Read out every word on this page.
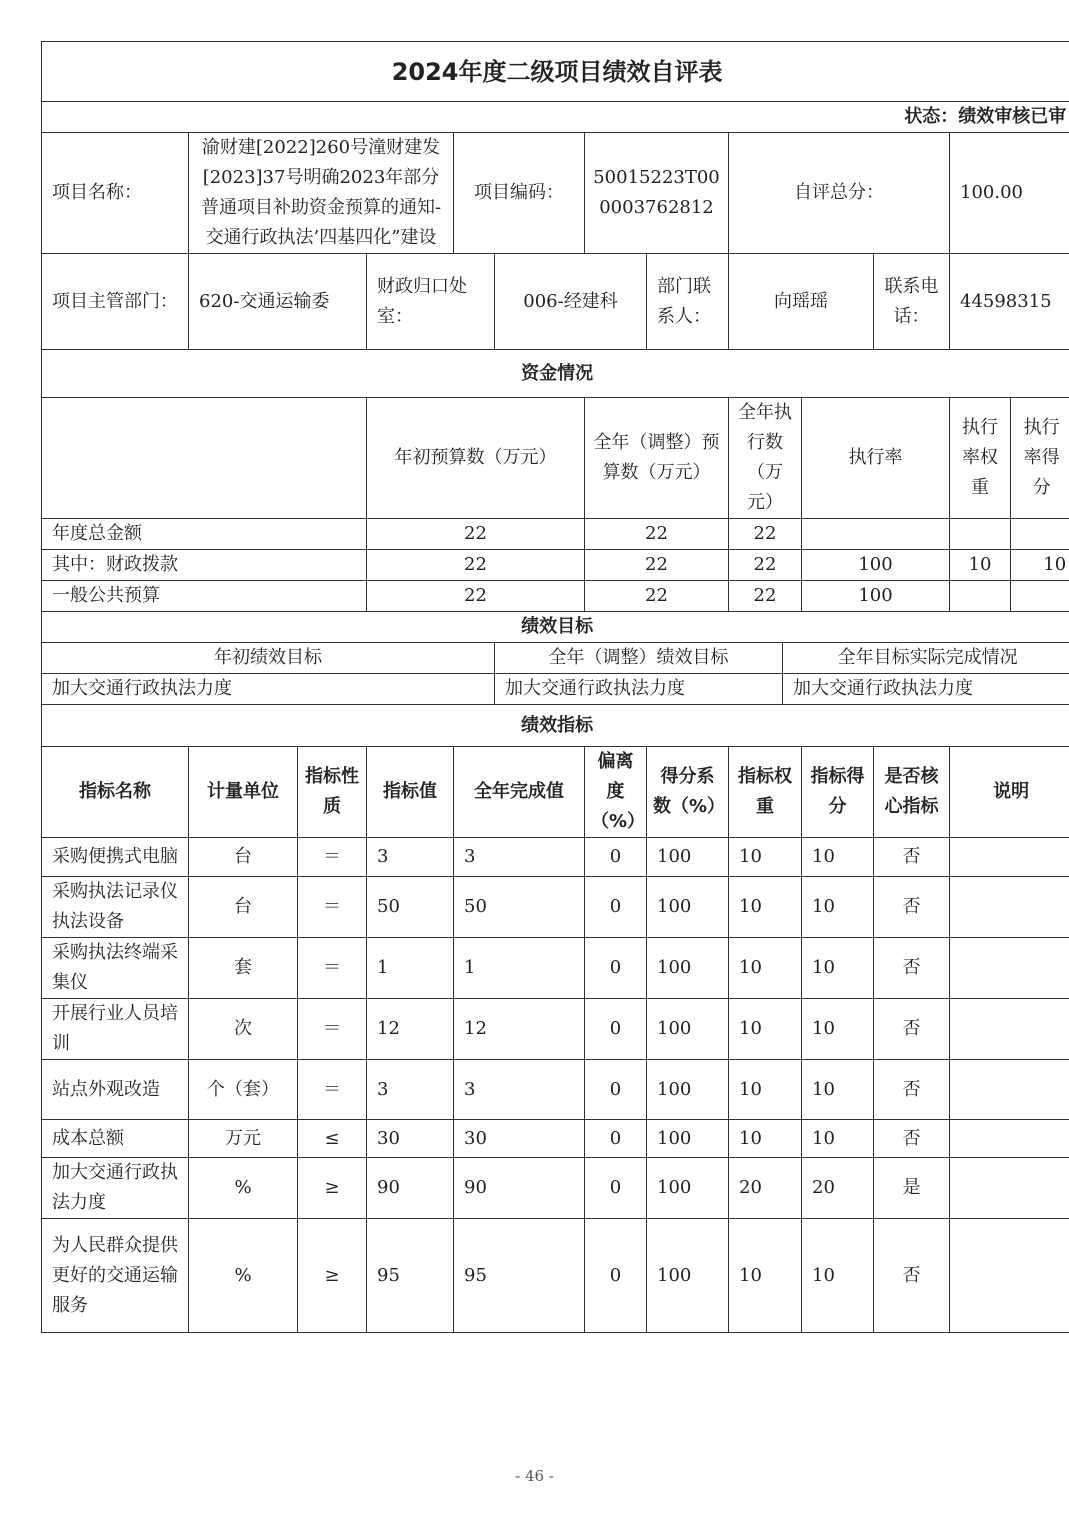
2024年度二级项目绩效自评表													
状态：绩效审核已审													
项目名称：	渝财建[2022]260号潼财建发[2023]37号明确2023年部分普通项目补助资金预算的通知-交通行政执法’四基四化”建设			项目编码：		50015223T000003762812		自评总分：				100.00	
项目主管部门：	620-交通运输委		财政归口处室：		006-经建科		部门联系人：	向瑶瑶			联系电话：	44598315	
资金情况													
			年初预算数（万元）			全年（调整）预算数（万元）		全年执行数（万元）		执行率		执行率权重	执行率得分
年度总金额			22			22		22					
其中：财政拨款			22			22		22		100		10	10
一般公共预算			22			22		22		100			
绩效目标													
年初绩效目标					全年（调整）绩效目标				全年目标实际完成情况				
加大交通行政执法力度					加大交通行政执法力度				加大交通行政执法力度				
绩效指标													
指标名称	计量单位	指标性质	指标值	全年完成值		偏离度（%）	得分系数（%）	指标权重		指标得分	是否核心指标	说明	
采购便携式电脑	台	＝	3	3		0	100	10		10	否		
采购执法记录仪执法设备	台	＝	50	50		0	100	10		10	否		
采购执法终端采集仪	套	＝	1	1		0	100	10		10	否		
开展行业人员培训	次	＝	12	12		0	100	10		10	否		
站点外观改造	个（套）	＝	3	3		0	100	10		10	否		
成本总额	万元	≤	30	30		0	100	10		10	否		
加大交通行政执法力度	%	≥	90	90		0	100	20		20	是		
为人民群众提供更好的交通运输服务	%	≥	95	95		0	100	10		10	否		
- 46 -
